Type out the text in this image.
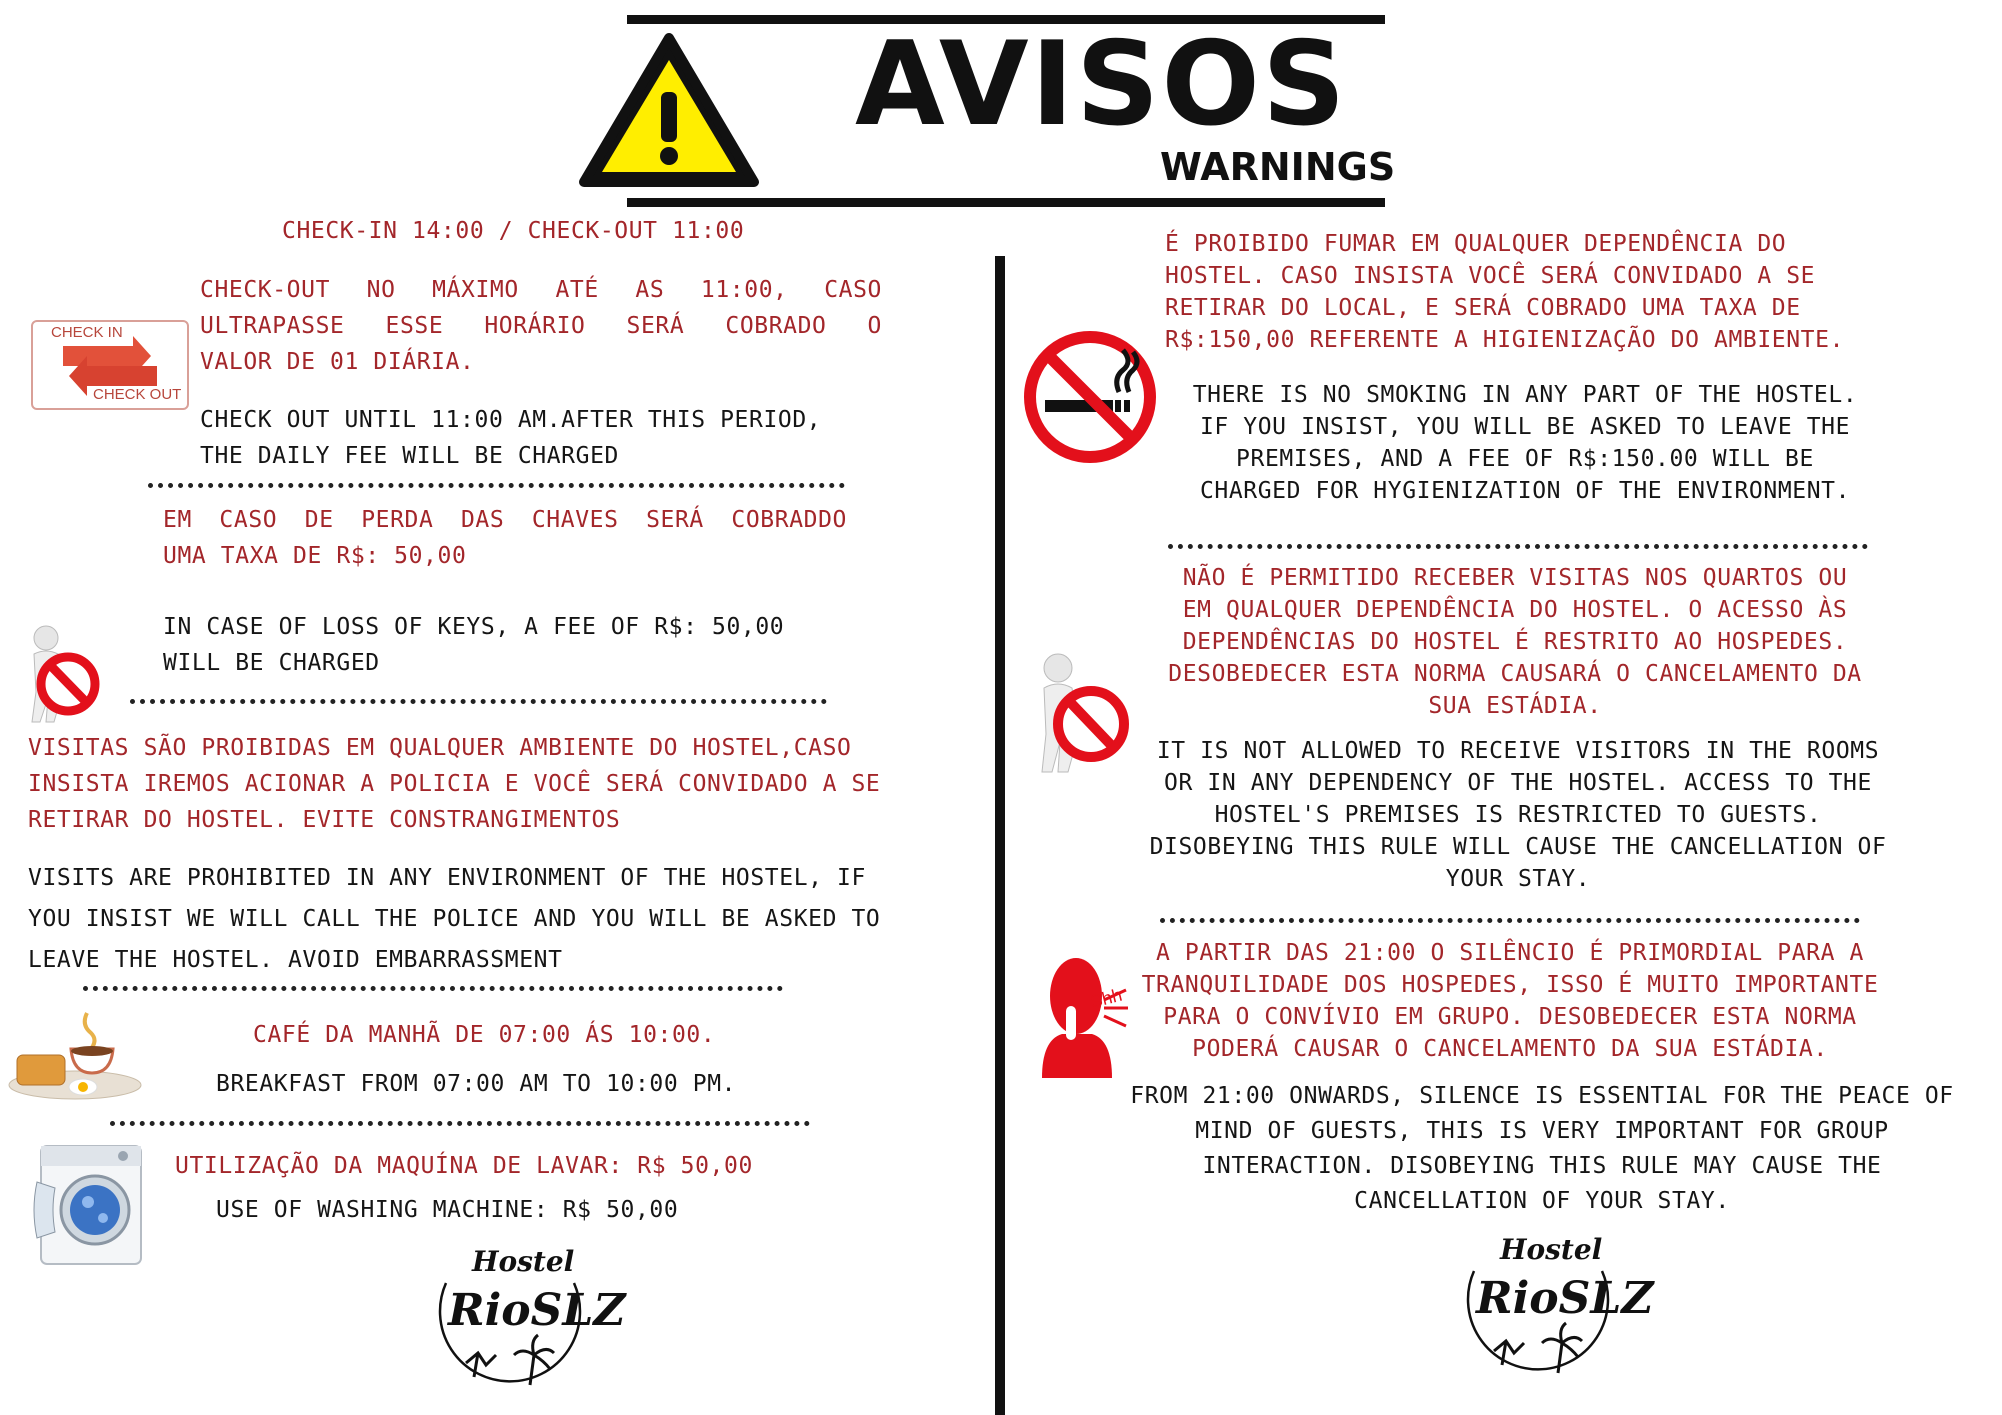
AVISOS
WARNINGS
CHECK-IN 14:00 / CHECK-OUT 11:00
CHECK IN
CHECK OUT
CHECK-OUT NO MÁXIMO ATÉ AS 11:00, CASO
ULTRAPASSE ESSE HORÁRIO SERÁ COBRADO O
VALOR DE 01 DIÁRIA.
CHECK OUT UNTIL 11:00 AM.AFTER THIS PERIOD,
THE DAILY FEE WILL BE CHARGED
EM CASO DE PERDA DAS CHAVES SERÁ COBRADDO
UMA TAXA DE R$: 50,00
IN CASE OF LOSS OF KEYS, A FEE OF R$: 50,00
WILL BE CHARGED
VISITAS SÃO PROIBIDAS EM QUALQUER AMBIENTE DO HOSTEL,CASO
INSISTA IREMOS ACIONAR A POLICIA E VOCÊ SERÁ CONVIDADO A SE
RETIRAR DO HOSTEL. EVITE CONSTRANGIMENTOS
VISITS ARE PROHIBITED IN ANY ENVIRONMENT OF THE HOSTEL, IF
YOU INSIST WE WILL CALL THE POLICE AND YOU WILL BE ASKED TO
LEAVE THE HOSTEL. AVOID EMBARRASSMENT
CAFÉ DA MANHÃ DE 07:00 ÁS 10:00.
BREAKFAST FROM 07:00 AM TO 10:00 PM.
UTILIZAÇÃO DA MAQUÍNA DE LAVAR: R$ 50,00
USE OF WASHING MACHINE: R$ 50,00
Hostel
RioSLZ
É PROIBIDO FUMAR EM QUALQUER DEPENDÊNCIA DO
HOSTEL. CASO INSISTA VOCÊ SERÁ CONVIDADO A SE
RETIRAR DO LOCAL, E SERÁ COBRADO UMA TAXA DE
R$:150,00 REFERENTE A HIGIENIZAÇÃO DO AMBIENTE.
THERE IS NO SMOKING IN ANY PART OF THE HOSTEL.
IF YOU INSIST, YOU WILL BE ASKED TO LEAVE THE
PREMISES, AND A FEE OF R$:150.00 WILL BE
CHARGED FOR HYGIENIZATION OF THE ENVIRONMENT.
NÃO É PERMITIDO RECEBER VISITAS NOS QUARTOS OU
EM QUALQUER DEPENDÊNCIA DO HOSTEL. O ACESSO ÀS
DEPENDÊNCIAS DO HOSTEL É RESTRITO AO HOSPEDES.
DESOBEDECER ESTA NORMA CAUSARÁ O CANCELAMENTO DA
SUA ESTÁDIA.
IT IS NOT ALLOWED TO RECEIVE VISITORS IN THE ROOMS
OR IN ANY DEPENDENCY OF THE HOSTEL. ACCESS TO THE
HOSTEL'S PREMISES IS RESTRICTED TO GUESTS.
DISOBEYING THIS RULE WILL CAUSE THE CANCELLATION OF
YOUR STAY.
Shh
A PARTIR DAS 21:00 O SILÊNCIO É PRIMORDIAL PARA A
TRANQUILIDADE DOS HOSPEDES, ISSO É MUITO IMPORTANTE
PARA O CONVÍVIO EM GRUPO. DESOBEDECER ESTA NORMA
PODERÁ CAUSAR O CANCELAMENTO DA SUA ESTÁDIA.
FROM 21:00 ONWARDS, SILENCE IS ESSENTIAL FOR THE PEACE OF
MIND OF GUESTS, THIS IS VERY IMPORTANT FOR GROUP
INTERACTION. DISOBEYING THIS RULE MAY CAUSE THE
CANCELLATION OF YOUR STAY.
Hostel
RioSLZ
